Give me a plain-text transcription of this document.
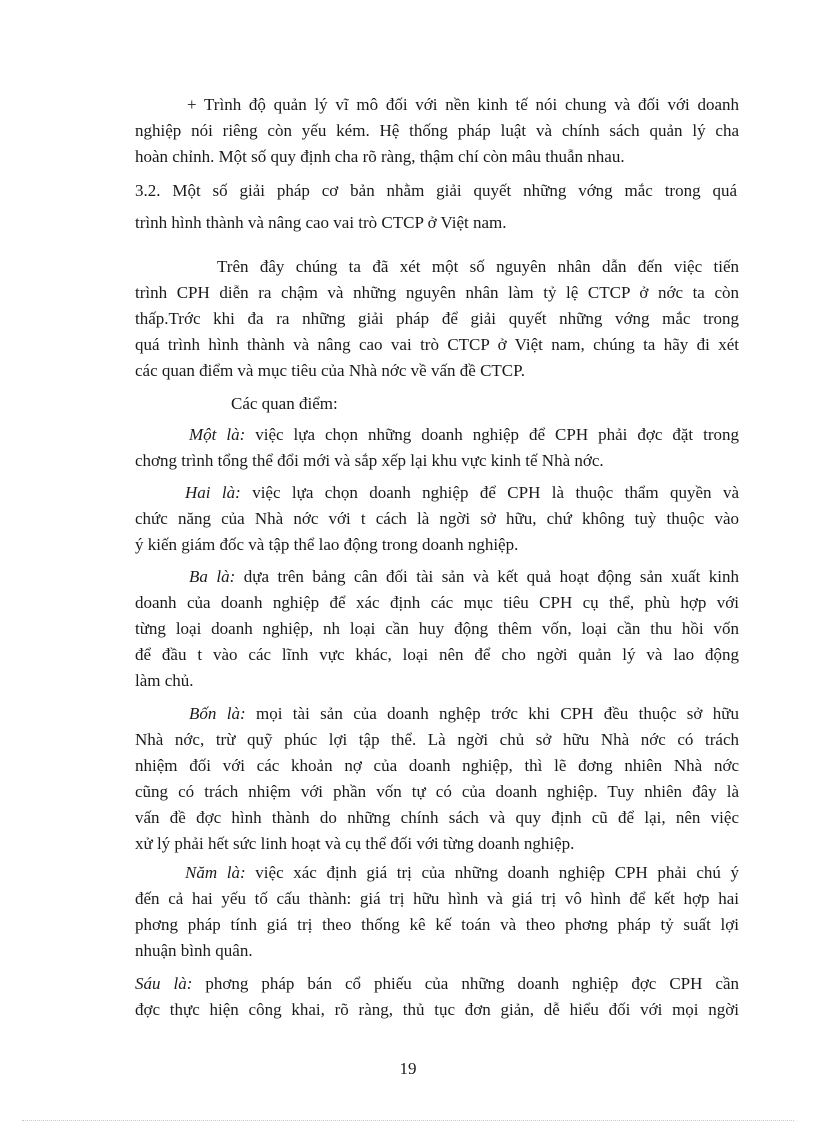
+ Trình độ quản lý vĩ mô đối với nền kinh tế nói chung và đối với doanh
nghiệp nói riêng còn yếu kém. Hệ thống pháp luật và chính sách quản lý cha
hoàn chỉnh. Một số quy định cha rõ ràng, thậm chí còn mâu thuẫn nhau.
3.2. Một số giải pháp cơ bản nhằm giải quyết những vớng mắc trong quá
trình hình thành và nâng cao vai trò CTCP ở Việt nam.
Trên đây chúng ta đã xét một số nguyên nhân dẫn đến việc tiến
trình CPH diễn ra chậm và những nguyên nhân làm tỷ lệ CTCP ở nớc ta còn
thấp.Trớc khi đa ra những giải pháp để giải quyết những vớng mắc trong
quá trình hình thành và nâng cao vai trò CTCP ở Việt nam, chúng ta hãy đi xét
các quan điểm và mục tiêu của Nhà nớc về vấn đề CTCP.
Các quan điểm:
Một là: việc lựa chọn những doanh nghiệp để CPH phải đợc đặt trong
chơng trình tổng thể đổi mới và sắp xếp lại khu vực kinh tế Nhà nớc.
Hai là: việc lựa chọn doanh nghiệp để CPH là thuộc thẩm quyền và
chức năng của Nhà nớc với t cách là ngời sở hữu, chứ không tuỳ thuộc vào
ý kiến giám đốc và tập thể lao động trong doanh nghiệp.
Ba là: dựa trên bảng cân đối tài sản và kết quả hoạt động sản xuất kinh
doanh của doanh nghiệp để xác định các mục tiêu CPH cụ thể, phù hợp với
từng loại doanh nghiệp, nh loại cần huy động thêm vốn, loại cần thu hồi vốn
để đầu t vào các lĩnh vực khác, loại nên để cho ngời quản lý và lao động
làm chủ.
Bốn là: mọi tài sản của doanh nghệp trớc khi CPH đều thuộc sở hữu
Nhà nớc, trừ quỹ phúc lợi tập thể. Là ngời chủ sở hữu Nhà nớc có trách
nhiệm đối với các khoản nợ của doanh nghiệp, thì lẽ đơng nhiên Nhà nớc
cũng có trách nhiệm với phần vốn tự có của doanh nghiệp. Tuy nhiên đây là
vấn đề đợc hình thành do những chính sách và quy định cũ để lại, nên việc
xử lý phải hết sức linh hoạt và cụ thể đối với từng doanh nghiệp.
Năm là: việc xác định giá trị của những doanh nghiệp CPH phải chú ý
đến cả hai yếu tố cấu thành: giá trị hữu hình và giá trị vô hình để kết hợp hai
phơng pháp tính giá trị theo thống kê kế toán và theo phơng pháp tỷ suất lợi
nhuận bình quân.
Sáu là: phơng pháp bán cổ phiếu của những doanh nghiệp đợc CPH cần
đợc thực hiện công khai, rõ ràng, thủ tục đơn giản, dễ hiểu đối với mọi ngời
19
